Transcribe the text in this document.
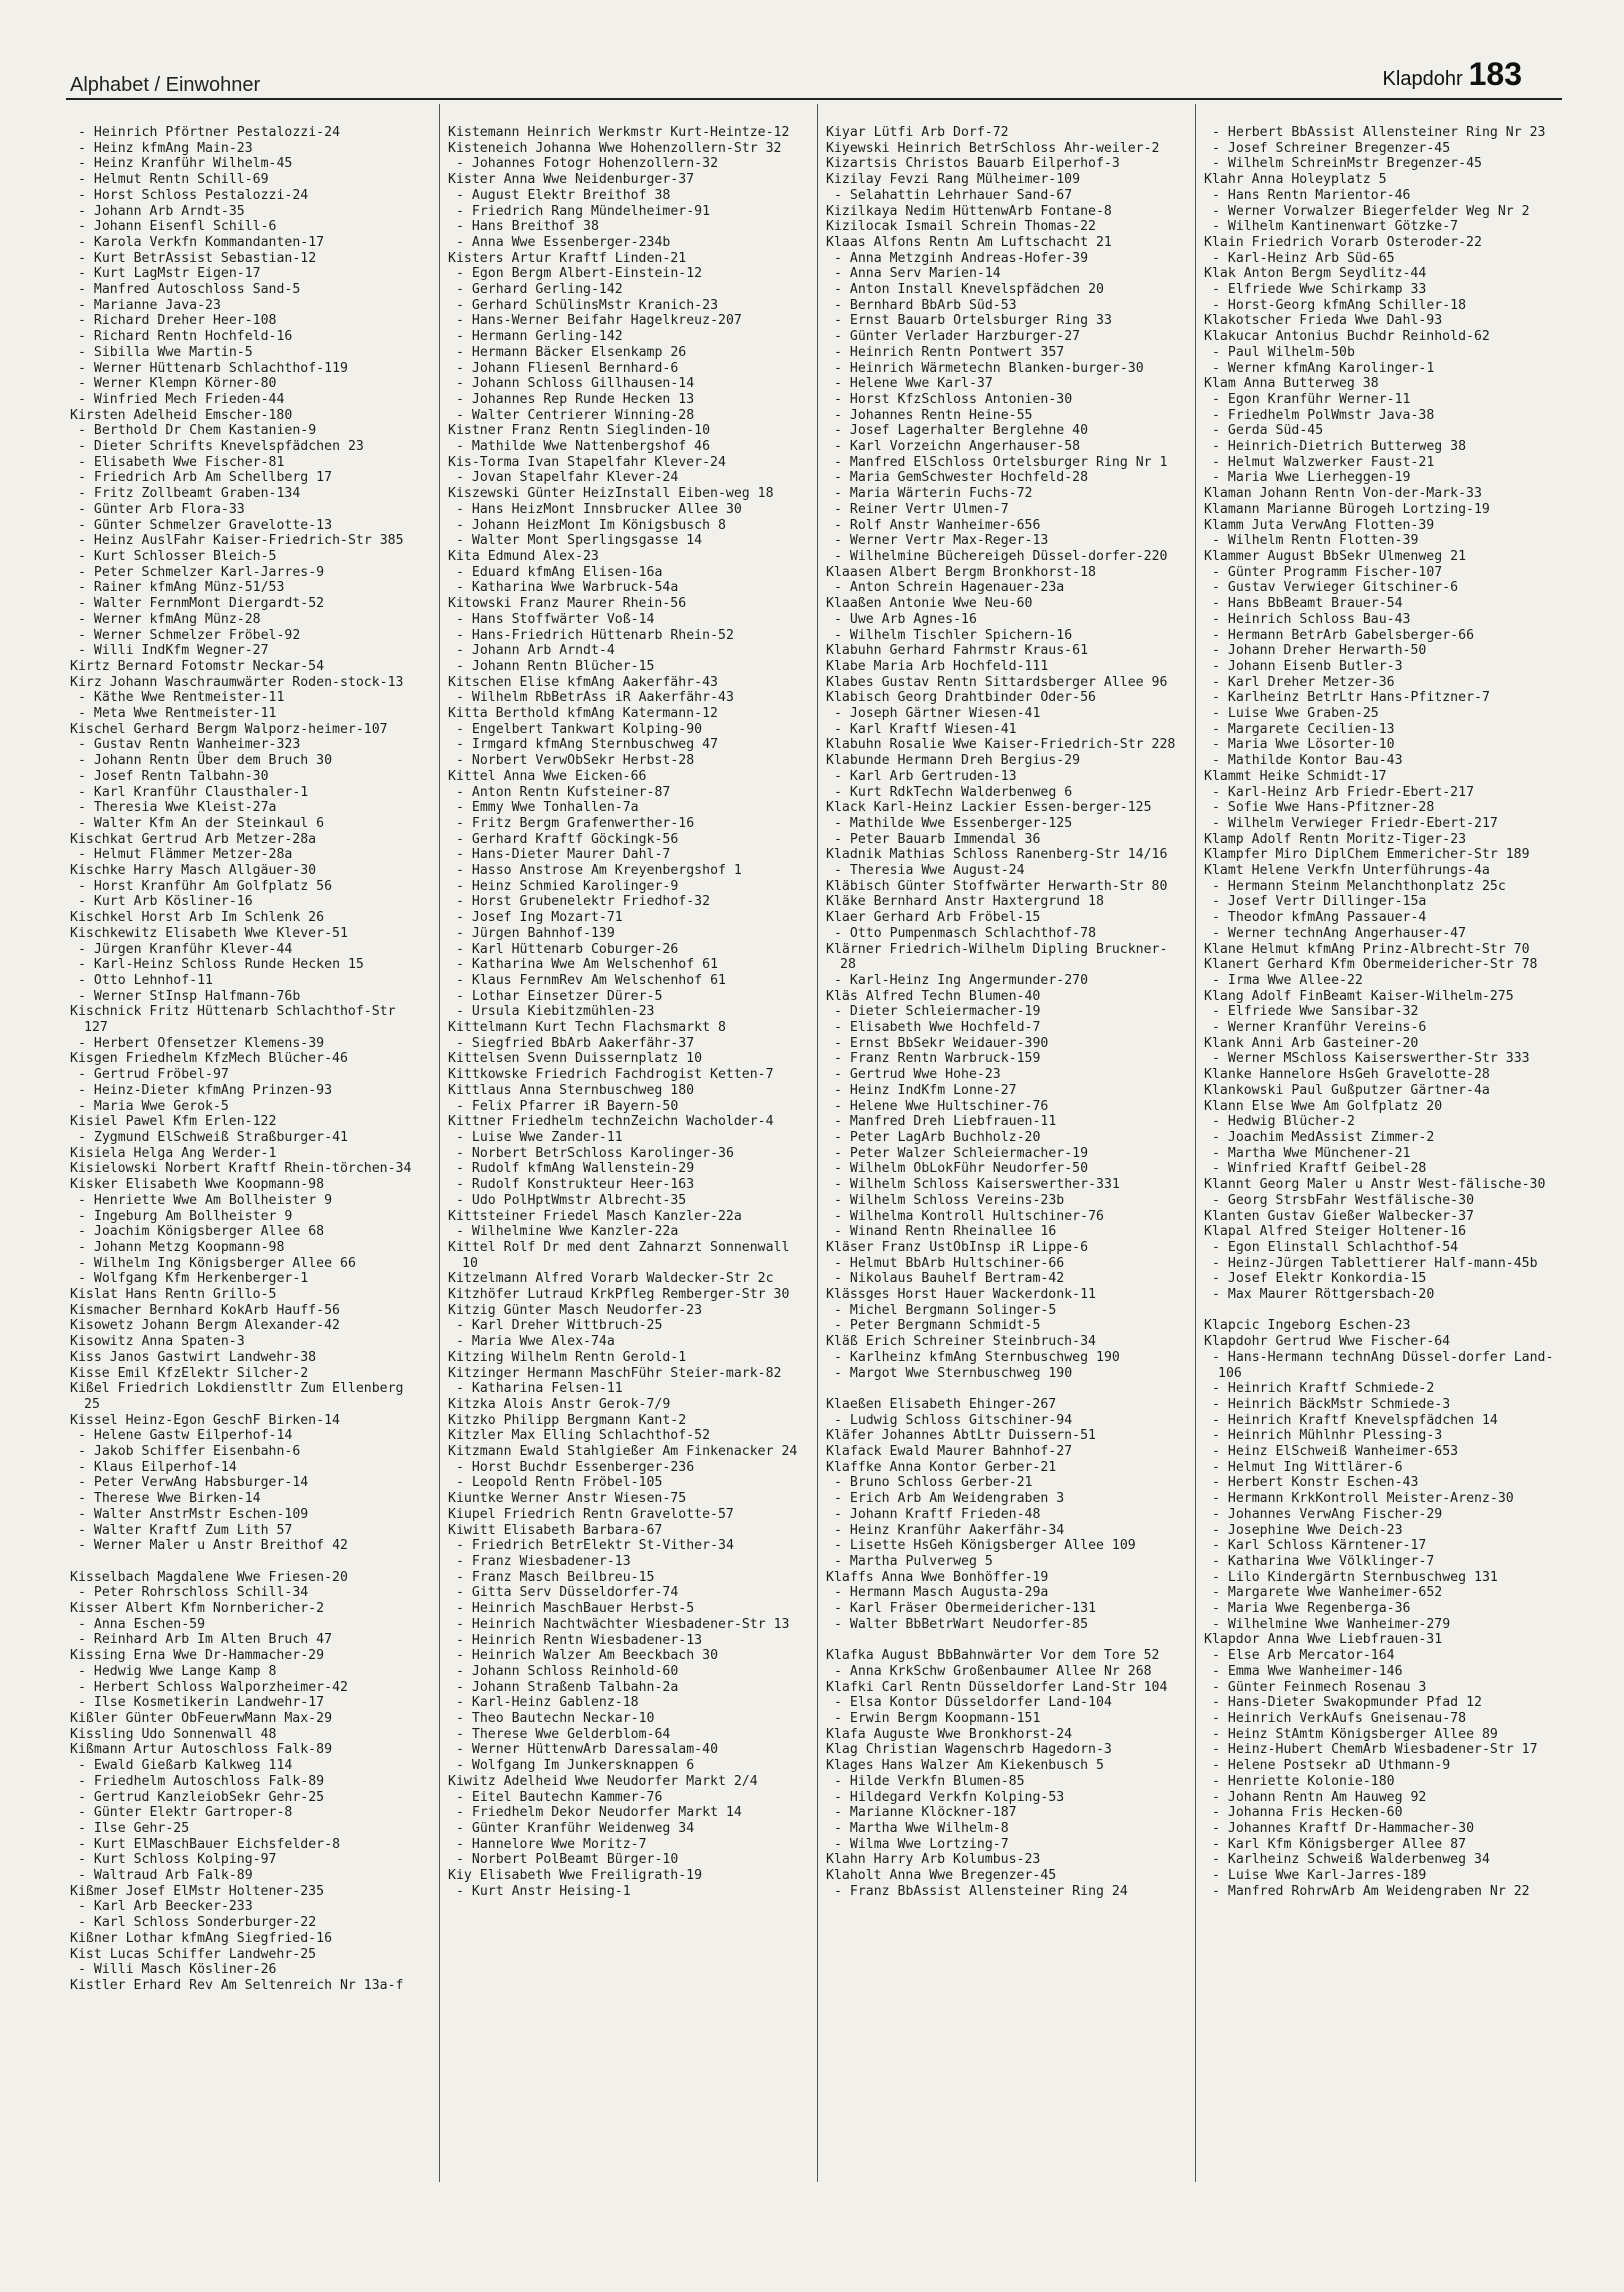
Alphabet / Einwohner	Klapdohr 183
- Heinrich Pförtner Pestalozzi-24
- Heinz kfmAng Main-23
- Heinz Kranführ Wilhelm-45
- Helmut Rentn Schill-69
- Horst Schloss Pestalozzi-24
- Johann Arb Arndt-35
- Johann Eisenfl Schill-6
- Karola Verkfn Kommandanten-17
- Kurt BetrAssist Sebastian-12
- Kurt LagMstr Eigen-17
- Manfred Autoschloss Sand-5
- Marianne Java-23
- Richard Dreher Heer-108
- Richard Rentn Hochfeld-16
- Sibilla Wwe Martin-5
- Werner Hüttenarb Schlachthof-119
- Werner Klempn Körner-80
- Winfried Mech Frieden-44
Kirsten Adelheid Emscher-180
- Berthold Dr Chem Kastanien-9
- Dieter Schrifts Knevelspfädchen 23
- Elisabeth Wwe Fischer-81
- Friedrich Arb Am Schellberg 17
- Fritz Zollbeamt Graben-134
- Günter Arb Flora-33
- Günter Schmelzer Gravelotte-13
- Heinz AuslFahr Kaiser-Friedrich-Str 385
- Kurt Schlosser Bleich-5
- Peter Schmelzer Karl-Jarres-9
- Rainer kfmAng Münz-51/53
- Walter FernmMont Diergardt-52
- Werner kfmAng Münz-28
- Werner Schmelzer Fröbel-92
- Willi IndKfm Wegner-27
Kirtz Bernard Fotomstr Neckar-54
Kirz Johann Waschraumwärter Roden-stock-13
- Käthe Wwe Rentmeister-11
- Meta Wwe Rentmeister-11
Kischel Gerhard Bergm Walporz-heimer-107
- Gustav Rentn Wanheimer-323
- Johann Rentn Über dem Bruch 30
- Josef Rentn Talbahn-30
- Karl Kranführ Clausthaler-1
- Theresia Wwe Kleist-27a
- Walter Kfm An der Steinkaul 6
Kischkat Gertrud Arb Metzer-28a
- Helmut Flämmer Metzer-28a
Kischke Harry Masch Allgäuer-30
- Horst Kranführ Am Golfplatz 56
- Kurt Arb Kösliner-16
Kischkel Horst Arb Im Schlenk 26
Kischkewitz Elisabeth Wwe Klever-51
- Jürgen Kranführ Klever-44
- Karl-Heinz Schloss Runde Hecken 15
- Otto Lehnhof-11
- Werner StInsp Halfmann-76b
Kischnick Fritz Hüttenarb Schlachthof-Str 127
- Herbert Ofensetzer Klemens-39
Kisgen Friedhelm KfzMech Blücher-46
- Gertrud Fröbel-97
- Heinz-Dieter kfmAng Prinzen-93
- Maria Wwe Gerok-5
Kisiel Pawel Kfm Erlen-122
- Zygmund ElSchweiß Straßburger-41
Kisiela Helga Ang Werder-1
Kisielowski Norbert Kraftf Rhein-törchen-34
Kisker Elisabeth Wwe Koopmann-98
- Henriette Wwe Am Bollheister 9
- Ingeburg Am Bollheister 9
- Joachim Königsberger Allee 68
- Johann Metzg Koopmann-98
- Wilhelm Ing Königsberger Allee 66
- Wolfgang Kfm Herkenberger-1
Kislat Hans Rentn Grillo-5
Kismacher Bernhard KokArb Hauff-56
Kisowetz Johann Bergm Alexander-42
Kisowitz Anna Spaten-3
Kiss Janos Gastwirt Landwehr-38
Kisse Emil KfzElektr Silcher-2
Kißel Friedrich Lokdienstltr Zum Ellenberg 25
Kissel Heinz-Egon GeschF Birken-14
- Helene Gastw Eilperhof-14
- Jakob Schiffer Eisenbahn-6
- Klaus Eilperhof-14
- Peter VerwAng Habsburger-14
- Therese Wwe Birken-14
- Walter AnstrMstr Eschen-109
- Walter Kraftf Zum Lith 57
- Werner Maler u Anstr Breithof 42
Kisselbach Magdalene Wwe Friesen-20
- Peter Rohrschloss Schill-34
Kisser Albert Kfm Nornbericher-2
- Anna Eschen-59
- Reinhard Arb Im Alten Bruch 47
Kissing Erna Wwe Dr-Hammacher-29
- Hedwig Wwe Lange Kamp 8
- Herbert Schloss Walporzheimer-42
- Ilse Kosmetikerin Landwehr-17
Kißler Günter ObFeuerwMann Max-29
Kissling Udo Sonnenwall 48
Kißmann Artur Autoschloss Falk-89
- Ewald Gießarb Kalkweg 114
- Friedhelm Autoschloss Falk-89
- Gertrud KanzleiobSekr Gehr-25
- Günter Elektr Gartroper-8
- Ilse Gehr-25
- Kurt ElMaschBauer Eichsfelder-8
- Kurt Schloss Kolping-97
- Waltraud Arb Falk-89
Kißmer Josef ElMstr Holtener-235
- Karl Arb Beecker-233
- Karl Schloss Sonderburger-22
Kißner Lothar kfmAng Siegfried-16
Kist Lucas Schiffer Landwehr-25
- Willi Masch Kösliner-26
Kistler Erhard Rev Am Seltenreich Nr 13a-f
Kistemann Heinrich Werkmstr Kurt-Heintze-12
Kisteneich Johanna Wwe Hohenzollern-Str 32
- Johannes Fotogr Hohenzollern-32
Kister Anna Wwe Neidenburger-37
- August Elektr Breithof 38
- Friedrich Rang Mündelheimer-91
- Hans Breithof 38
- Anna Wwe Essenberger-234b
Kisters Artur Kraftf Linden-21
- Egon Bergm Albert-Einstein-12
- Gerhard Gerling-142
- Gerhard SchülinsMstr Kranich-23
- Hans-Werner Beifahr Hagelkreuz-207
- Hermann Gerling-142
- Hermann Bäcker Elsenkamp 26
- Johann Fliesenl Bernhard-6
- Johann Schloss Gillhausen-14
- Johannes Rep Runde Hecken 13
- Walter Centrierer Winning-28
Kistner Franz Rentn Sieglinden-10
- Mathilde Wwe Nattenbergshof 46
Kis-Torma Ivan Stapelfahr Klever-24
- Jovan Stapelfahr Klever-24
Kiszewski Günter HeizInstall Eiben-weg 18
- Hans HeizMont Innsbrucker Allee 30
- Johann HeizMont Im Königsbusch 8
- Walter Mont Sperlingsgasse 14
Kita Edmund Alex-23
- Eduard kfmAng Elisen-16a
- Katharina Wwe Warbruck-54a
Kitowski Franz Maurer Rhein-56
- Hans Stoffwärter Voß-14
- Hans-Friedrich Hüttenarb Rhein-52
- Johann Arb Arndt-4
- Johann Rentn Blücher-15
Kitschen Elise kfmAng Aakerfähr-43
- Wilhelm RbBetrAss iR Aakerfähr-43
Kitta Berthold kfmAng Katermann-12
- Engelbert Tankwart Kolping-90
- Irmgard kfmAng Sternbuschweg 47
- Norbert VerwObSekr Herbst-28
Kittel Anna Wwe Eicken-66
- Anton Rentn Kufsteiner-87
- Emmy Wwe Tonhallen-7a
- Fritz Bergm Grafenwerther-16
- Gerhard Kraftf Göckingk-56
- Hans-Dieter Maurer Dahl-7
- Hasso Anstrose Am Kreyenbergshof 1
- Heinz Schmied Karolinger-9
- Horst Grubenelektr Friedhof-32
- Josef Ing Mozart-71
- Jürgen Bahnhof-139
- Karl Hüttenarb Coburger-26
- Katharina Wwe Am Welschenhof 61
- Klaus FernmRev Am Welschenhof 61
- Lothar Einsetzer Dürer-5
- Ursula Kiebitzmühlen-23
Kittelmann Kurt Techn Flachsmarkt 8
- Siegfried BbArb Aakerfähr-37
Kittelsen Svenn Duissernplatz 10
Kittkowske Friedrich Fachdrogist Ketten-7
Kittlaus Anna Sternbuschweg 180
- Felix Pfarrer iR Bayern-50
Kittner Friedhelm technZeichn Wacholder-4
- Luise Wwe Zander-11
- Norbert BetrSchloss Karolinger-36
- Rudolf kfmAng Wallenstein-29
- Rudolf Konstrukteur Heer-163
- Udo PolHptWmstr Albrecht-35
Kittsteiner Friedel Masch Kanzler-22a
- Wilhelmine Wwe Kanzler-22a
Kittel Rolf Dr med dent Zahnarzt Sonnenwall 10
Kitzelmann Alfred Vorarb Waldecker-Str 2c
Kitzhöfer Lutraud KrkPfleg Remberger-Str 30
Kitzig Günter Masch Neudorfer-23
- Karl Dreher Wittbruch-25
- Maria Wwe Alex-74a
Kitzing Wilhelm Rentn Gerold-1
Kitzinger Hermann MaschFühr Steier-mark-82
- Katharina Felsen-11
Kitzka Alois Anstr Gerok-7/9
Kitzko Philipp Bergmann Kant-2
Kitzler Max Elling Schlachthof-52
Kitzmann Ewald Stahlgießer Am Finkenacker 24
- Horst Buchdr Essenberger-236
- Leopold Rentn Fröbel-105
Kiuntke Werner Anstr Wiesen-75
Kiupel Friedrich Rentn Gravelotte-57
Kiwitt Elisabeth Barbara-67
- Friedrich BetrElektr St-Vither-34
- Franz Wiesbadener-13
- Franz Masch Beilbreu-15
- Gitta Serv Düsseldorfer-74
- Heinrich MaschBauer Herbst-5
- Heinrich Nachtwächter Wiesbadener-Str 13
- Heinrich Rentn Wiesbadener-13
- Heinrich Walzer Am Beeckbach 30
- Johann Schloss Reinhold-60
- Johann Straßenb Talbahn-2a
- Karl-Heinz Gablenz-18
- Theo Bautechn Neckar-10
- Therese Wwe Gelderblom-64
- Werner HüttenwArb Daressalam-40
- Wolfgang Im Junkersknappen 6
Kiwitz Adelheid Wwe Neudorfer Markt 2/4
- Eitel Bautechn Kammer-76
- Friedhelm Dekor Neudorfer Markt 14
- Günter Kranführ Weidenweg 34
- Hannelore Wwe Moritz-7
- Norbert PolBeamt Bürger-10
Kiy Elisabeth Wwe Freiligrath-19
- Kurt Anstr Heising-1
Kiyar Lütfi Arb Dorf-72
Kiyewski Heinrich BetrSchloss Ahr-weiler-2
Kizartsis Christos Bauarb Eilperhof-3
Kizilay Fevzi Rang Mülheimer-109
- Selahattin Lehrhauer Sand-67
Kizilkaya Nedim HüttenwArb Fontane-8
Kizilocak Ismail Schrein Thomas-22
Klaas Alfons Rentn Am Luftschacht 21
- Anna Metzginh Andreas-Hofer-39
- Anna Serv Marien-14
- Anton Install Knevelspfädchen 20
- Bernhard BbArb Süd-53
- Ernst Bauarb Ortelsburger Ring 33
- Günter Verlader Harzburger-27
- Heinrich Rentn Pontwert 357
- Heinrich Wärmetechn Blanken-burger-30
- Helene Wwe Karl-37
- Horst KfzSchloss Antonien-30
- Johannes Rentn Heine-55
- Josef Lagerhalter Berglehne 40
- Karl Vorzeichn Angerhauser-58
- Manfred ElSchloss Ortelsburger Ring Nr 1
- Maria GemSchwester Hochfeld-28
- Maria Wärterin Fuchs-72
- Reiner Vertr Ulmen-7
- Rolf Anstr Wanheimer-656
- Werner Vertr Max-Reger-13
- Wilhelmine Büchereigeh Düssel-dorfer-220
Klaasen Albert Bergm Bronkhorst-18
- Anton Schrein Hagenauer-23a
Klaaßen Antonie Wwe Neu-60
- Uwe Arb Agnes-16
- Wilhelm Tischler Spichern-16
Klabuhn Gerhard Fahrmstr Kraus-61
Klabe Maria Arb Hochfeld-111
Klabes Gustav Rentn Sittardsberger Allee 96
Klabisch Georg Drahtbinder Oder-56
- Joseph Gärtner Wiesen-41
- Karl Kraftf Wiesen-41
Klabuhn Rosalie Wwe Kaiser-Friedrich-Str 228
Klabunde Hermann Dreh Bergius-29
- Karl Arb Gertruden-13
- Kurt RdkTechn Walderbenweg 6
Klack Karl-Heinz Lackier Essen-berger-125
- Mathilde Wwe Essenberger-125
- Peter Bauarb Immendal 36
Kladnik Mathias Schloss Ranenberg-Str 14/16
- Theresia Wwe August-24
Kläbisch Günter Stoffwärter Herwarth-Str 80
Kläke Bernhard Anstr Haxtergrund 18
Klaer Gerhard Arb Fröbel-15
- Otto Pumpenmasch Schlachthof-78
Klärner Friedrich-Wilhelm Dipling Bruckner-28
- Karl-Heinz Ing Angermunder-270
Kläs Alfred Techn Blumen-40
- Dieter Schleiermacher-19
- Elisabeth Wwe Hochfeld-7
- Ernst BbSekr Weidauer-390
- Franz Rentn Warbruck-159
- Gertrud Wwe Hohe-23
- Heinz IndKfm Lonne-27
- Helene Wwe Hultschiner-76
- Manfred Dreh Liebfrauen-11
- Peter LagArb Buchholz-20
- Peter Walzer Schleiermacher-19
- Wilhelm ObLokFühr Neudorfer-50
- Wilhelm Schloss Kaiserswerther-331
- Wilhelm Schloss Vereins-23b
- Wilhelma Kontroll Hultschiner-76
- Winand Rentn Rheinallee 16
Kläser Franz UstObInsp iR Lippe-6
- Helmut BbArb Hultschiner-66
- Nikolaus Bauhelf Bertram-42
Klässges Horst Hauer Wackerdonk-11
- Michel Bergmann Solinger-5
- Peter Bergmann Schmidt-5
Kläß Erich Schreiner Steinbruch-34
- Karlheinz kfmAng Sternbuschweg 190
- Margot Wwe Sternbuschweg 190
Klaeßen Elisabeth Ehinger-267
- Ludwig Schloss Gitschiner-94
Kläfer Johannes AbtLtr Duissern-51
Klafack Ewald Maurer Bahnhof-27
Klaffke Anna Kontor Gerber-21
- Bruno Schloss Gerber-21
- Erich Arb Am Weidengraben 3
- Johann Kraftf Frieden-48
- Heinz Kranführ Aakerfähr-34
- Lisette HsGeh Königsberger Allee 109
- Martha Pulverweg 5
Klaffs Anna Wwe Bonhöffer-19
- Hermann Masch Augusta-29a
- Karl Fräser Obermeidericher-131
- Walter BbBetrWart Neudorfer-85
Klafka August BbBahnwärter Vor dem Tore 52
- Anna KrkSchw Großenbaumer Allee Nr 268
Klafki Carl Rentn Düsseldorfer Land-Str 104
- Elsa Kontor Düsseldorfer Land-104
- Erwin Bergm Koopmann-151
Klafa Auguste Wwe Bronkhorst-24
Klag Christian Wagenschrb Hagedorn-3
Klages Hans Walzer Am Kiekenbusch 5
- Hilde Verkfn Blumen-85
- Hildegard Verkfn Kolping-53
- Marianne Klöckner-187
- Martha Wwe Wilhelm-8
- Wilma Wwe Lortzing-7
Klahn Harry Arb Kolumbus-23
Klaholt Anna Wwe Bregenzer-45
- Franz BbAssist Allensteiner Ring 24
- Herbert BbAssist Allensteiner Ring Nr 23
- Josef Schreiner Bregenzer-45
- Wilhelm SchreinMstr Bregenzer-45
Klahr Anna Holeyplatz 5
- Hans Rentn Marientor-46
- Werner Vorwalzer Biegerfelder Weg Nr 2
- Wilhelm Kantinenwart Götzke-7
Klain Friedrich Vorarb Osteroder-22
- Karl-Heinz Arb Süd-65
Klak Anton Bergm Seydlitz-44
- Elfriede Wwe Schirkamp 33
- Horst-Georg kfmAng Schiller-18
Klakotscher Frieda Wwe Dahl-93
Klakucar Antonius Buchdr Reinhold-62
- Paul Wilhelm-50b
- Werner kfmAng Karolinger-1
Klam Anna Butterweg 38
- Egon Kranführ Werner-11
- Friedhelm PolWmstr Java-38
- Gerda Süd-45
- Heinrich-Dietrich Butterweg 38
- Helmut Walzwerker Faust-21
- Maria Wwe Lierheggen-19
Klaman Johann Rentn Von-der-Mark-33
Klamann Marianne Bürogeh Lortzing-19
Klamm Juta VerwAng Flotten-39
- Wilhelm Rentn Flotten-39
Klammer August BbSekr Ulmenweg 21
- Günter Programm Fischer-107
- Gustav Verwieger Gitschiner-6
- Hans BbBeamt Brauer-54
- Heinrich Schloss Bau-43
- Hermann BetrArb Gabelsberger-66
- Johann Dreher Herwarth-50
- Johann Eisenb Butler-3
- Karl Dreher Metzer-36
- Karlheinz BetrLtr Hans-Pfitzner-7
- Luise Wwe Graben-25
- Margarete Cecilien-13
- Maria Wwe Lösorter-10
- Mathilde Kontor Bau-43
Klammt Heike Schmidt-17
- Karl-Heinz Arb Friedr-Ebert-217
- Sofie Wwe Hans-Pfitzner-28
- Wilhelm Verwieger Friedr-Ebert-217
Klamp Adolf Rentn Moritz-Tiger-23
Klampfer Miro DiplChem Emmericher-Str 189
Klamt Helene Verkfn Unterführungs-4a
- Hermann Steinm Melanchthonplatz 25c
- Josef Vertr Dillinger-15a
- Theodor kfmAng Passauer-4
- Werner technAng Angerhauser-47
Klane Helmut kfmAng Prinz-Albrecht-Str 70
Klanert Gerhard Kfm Obermeidericher-Str 78
- Irma Wwe Allee-22
Klang Adolf FinBeamt Kaiser-Wilhelm-275
- Elfriede Wwe Sansibar-32
- Werner Kranführ Vereins-6
Klank Anni Arb Gasteiner-20
- Werner MSchloss Kaiserswerther-Str 333
Klanke Hannelore HsGeh Gravelotte-28
Klankowski Paul Gußputzer Gärtner-4a
Klann Else Wwe Am Golfplatz 20
- Hedwig Blücher-2
- Joachim MedAssist Zimmer-2
- Martha Wwe Münchener-21
- Winfried Kraftf Geibel-28
Klannt Georg Maler u Anstr West-fälische-30
- Georg StrsbFahr Westfälische-30
Klanten Gustav Gießer Walbecker-37
Klapal Alfred Steiger Holtener-16
- Egon Elinstall Schlachthof-54
- Heinz-Jürgen Tablettierer Half-mann-45b
- Josef Elektr Konkordia-15
- Max Maurer Röttgersbach-20
Klapcic Ingeborg Eschen-23
Klapdohr Gertrud Wwe Fischer-64
- Hans-Hermann technAng Düssel-dorfer Land-106
- Heinrich Kraftf Schmiede-2
- Heinrich BäckMstr Schmiede-3
- Heinrich Kraftf Knevelspfädchen 14
- Heinrich Mühlnhr Plessing-3
- Heinz ElSchweiß Wanheimer-653
- Helmut Ing Wittlärer-6
- Herbert Konstr Eschen-43
- Hermann KrkKontroll Meister-Arenz-30
- Johannes VerwAng Fischer-29
- Josephine Wwe Deich-23
- Karl Schloss Kärntener-17
- Katharina Wwe Völklinger-7
- Lilo Kindergärtn Sternbuschweg 131
- Margarete Wwe Wanheimer-652
- Maria Wwe Regenberga-36
- Wilhelmine Wwe Wanheimer-279
Klapdor Anna Wwe Liebfrauen-31
- Else Arb Mercator-164
- Emma Wwe Wanheimer-146
- Günter Feinmech Rosenau 3
- Hans-Dieter Swakopmunder Pfad 12
- Heinrich VerkAufs Gneisenau-78
- Heinz StAmtm Königsberger Allee 89
- Heinz-Hubert ChemArb Wiesbadener-Str 17
- Helene Postsekr aD Uthmann-9
- Henriette Kolonie-180
- Johann Rentn Am Hauweg 92
- Johanna Fris Hecken-60
- Johannes Kraftf Dr-Hammacher-30
- Karl Kfm Königsberger Allee 87
- Karlheinz Schweiß Walderbenweg 34
- Luise Wwe Karl-Jarres-189
- Manfred RohrwArb Am Weidengraben Nr 22
